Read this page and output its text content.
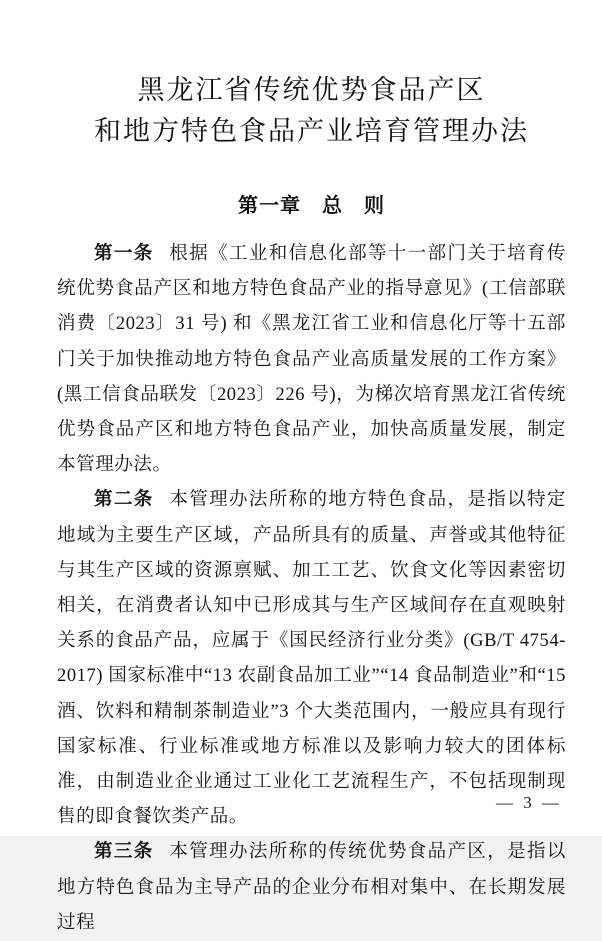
黑龙江省传统优势食品产区
和地方特色食品产业培育管理办法
第一章　总　则

第一条 根据《工业和信息化部等十一部门关于培育传统优势食品产区和地方特色食品产业的指导意见》(工信部联消费〔2023〕31 号) 和《黑龙江省工业和信息化厅等十五部门关于加快推动地方特色食品产业高质量发展的工作方案》(黑工信食品联发〔2023〕226 号)，为梯次培育黑龙江省传统优势食品产区和地方特色食品产业，加快高质量发展，制定本管理办法。

第二条 本管理办法所称的地方特色食品，是指以特定地域为主要生产区域，产品所具有的质量、声誉或其他特征与其生产区域的资源禀赋、加工工艺、饮食文化等因素密切相关，在消费者认知中已形成其与生产区域间存在直观映射关系的食品产品，应属于《国民经济行业分类》(GB/T 4754-2017) 国家标准中“13 农副食品加工业”“14 食品制造业”和“15 酒、饮料和精制茶制造业”3 个大类范围内，一般应具有现行国家标准、行业标准或地方标准以及影响力较大的团体标准，由制造业企业通过工业化工艺流程生产，不包括现制现售的即食餐饮类产品。

第三条 本管理办法所称的传统优势食品产区，是指以地方特色食品为主导产品的企业分布相对集中、在长期发展过程

— 3 —
